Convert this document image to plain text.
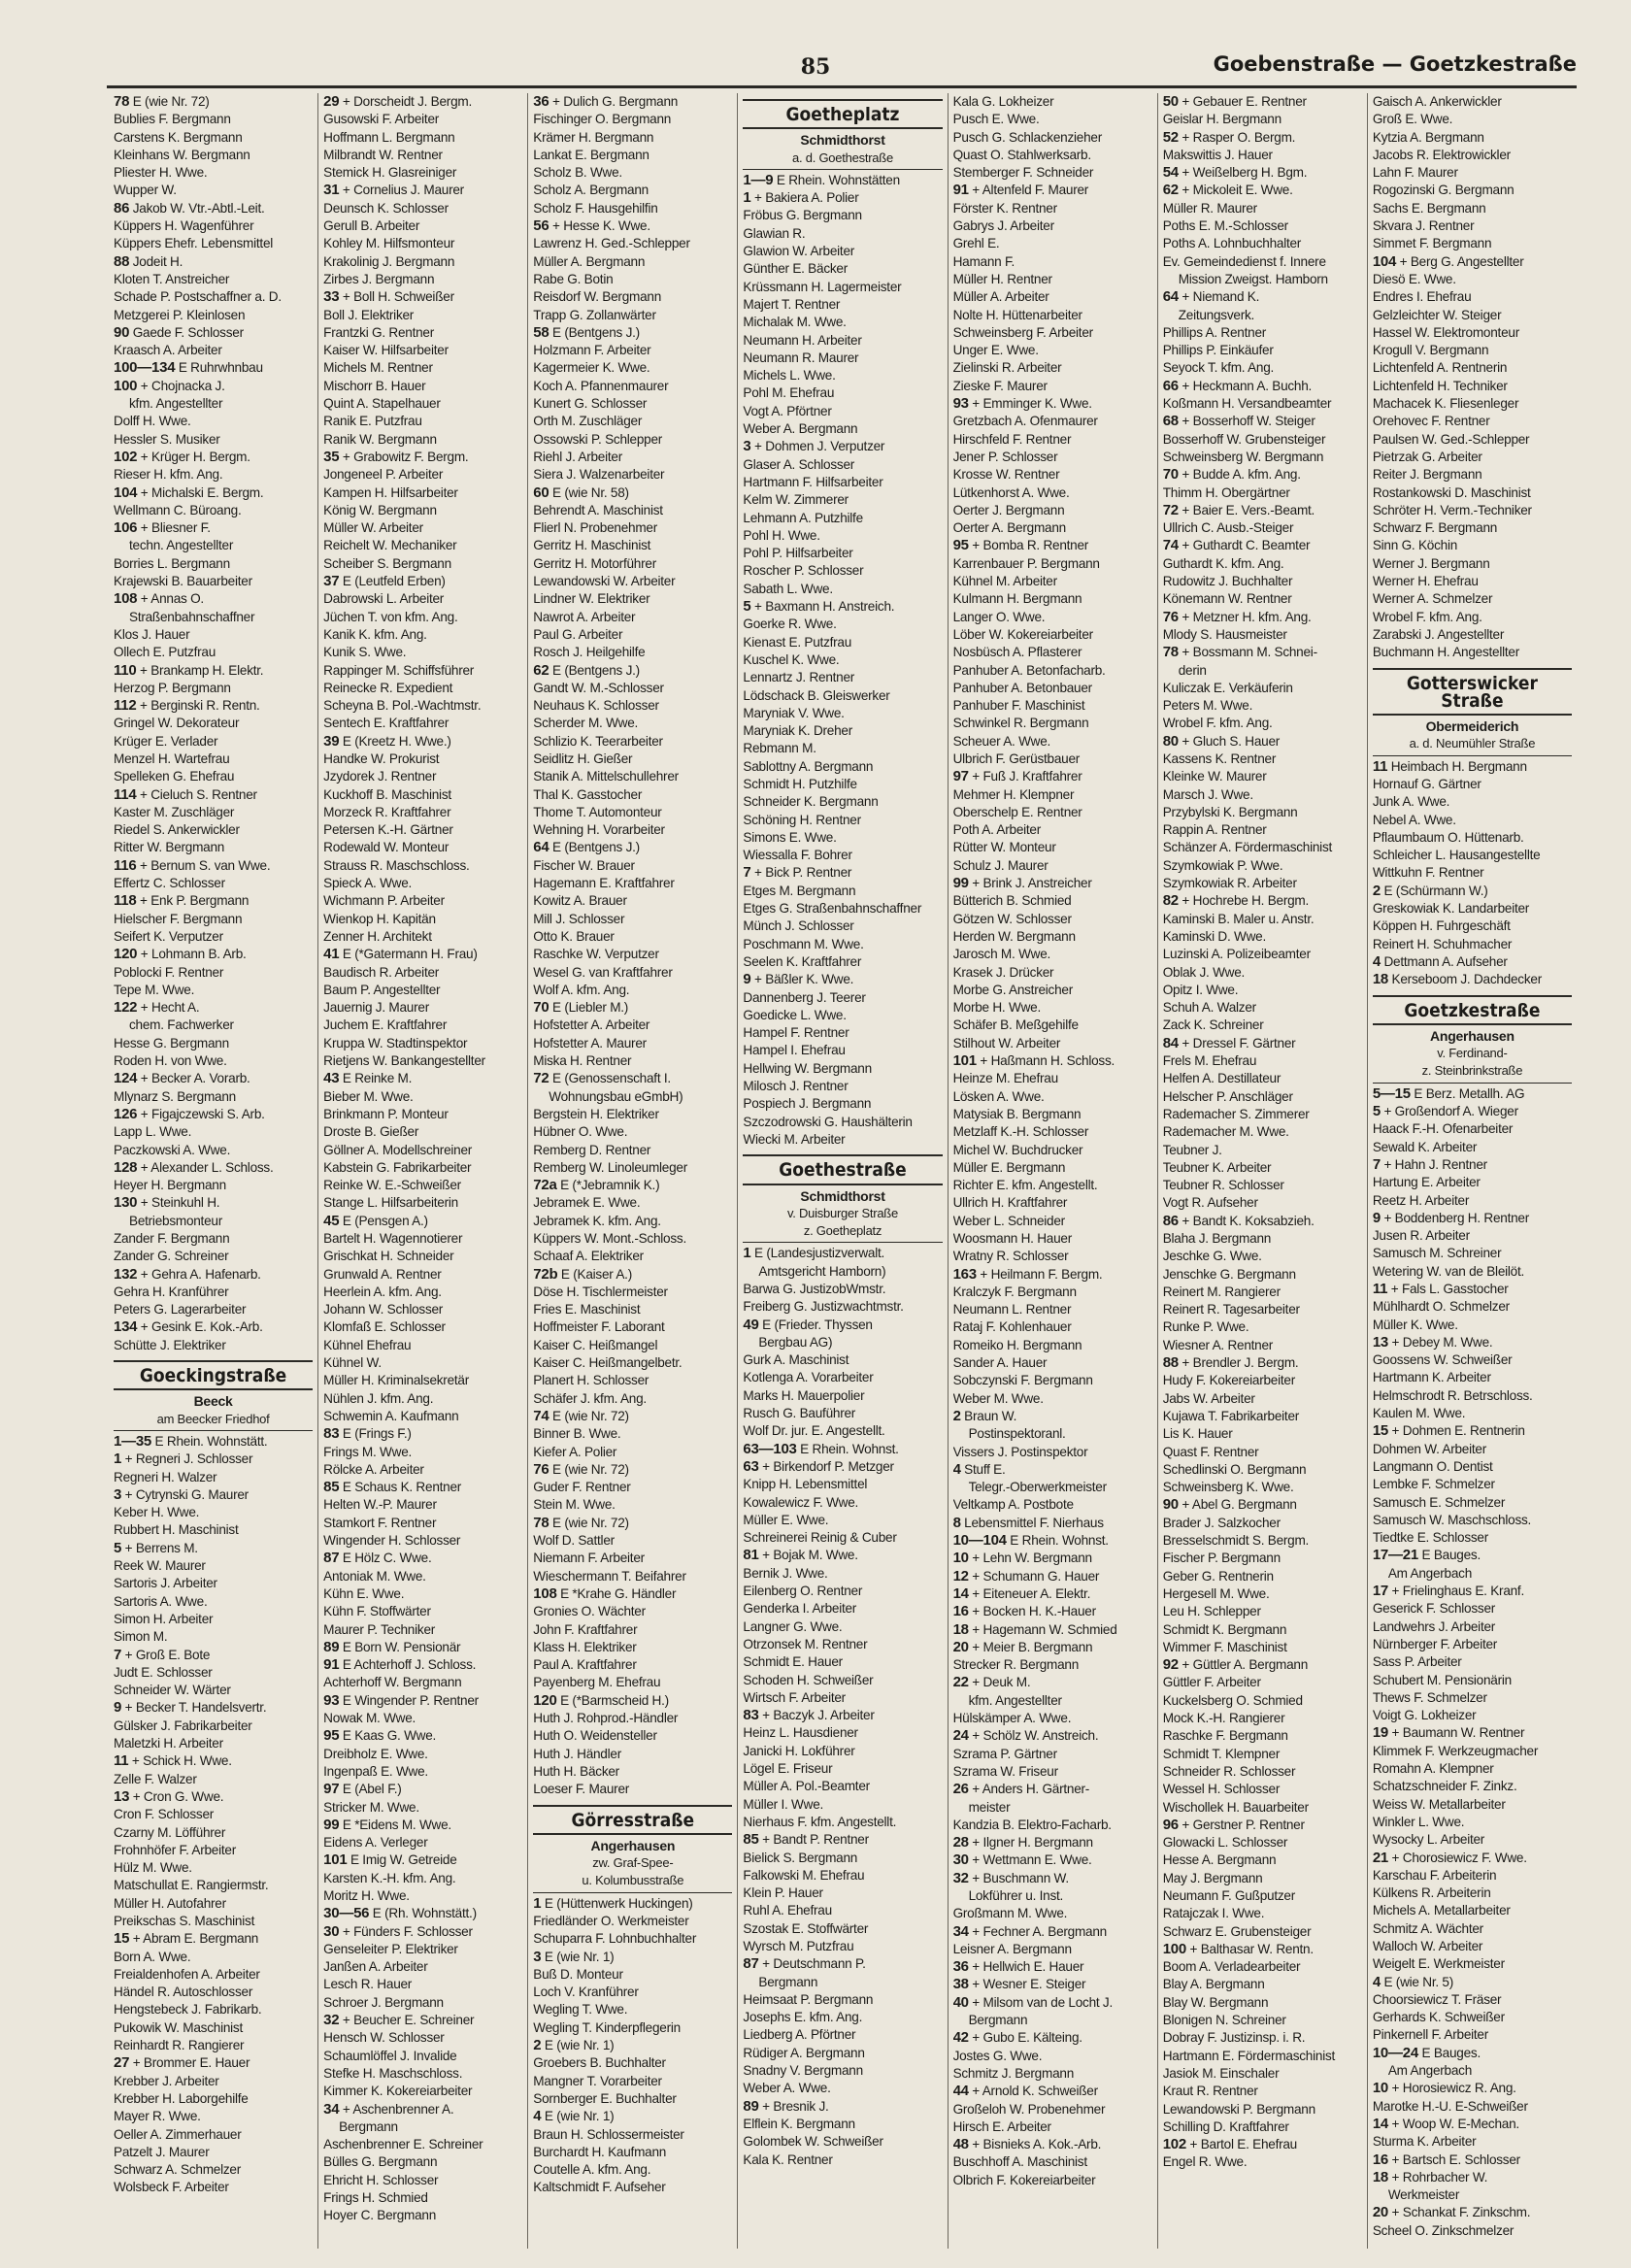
85	Goebenstraße — Goetzkestraße
78 E (wie Nr. 72)
Bublies F. Bergmann
Carstens K. Bergmann
Kleinhans W. Bergmann
Pliester H. Wwe.
Wupper W.
86 Jakob W. Vtr.-Abtl.-Leit.
Küppers H. Wagenführer
Küppers Ehefr. Lebensmittel
88 Jodeit H.
Kloten T. Anstreicher
Schade P. Postschaffner a. D.
Metzgerei P. Kleinlosen
90 Gaede F. Schlosser
Kraasch A. Arbeiter
100—134 E Ruhrwhnbau
100 + Chojnacka J.
kfm. Angestellter
Dolff H. Wwe.
Hessler S. Musiker
102 + Krüger H. Bergm.
Rieser H. kfm. Ang.
104 + Michalski E. Bergm.
Wellmann C. Büroang.
106 + Bliesner F.
techn. Angestellter
Borries L. Bergmann
Krajewski B. Bauarbeiter
108 + Annas O.
Straßenbahnschaffner
Klos J. Hauer
Ollech E. Putzfrau
110 + Brankamp H. Elektr.
Herzog P. Bergmann
112 + Berginski R. Rentn.
Gringel W. Dekorateur
Krüger E. Verlader
Menzel H. Wartefrau
Spelleken G. Ehefrau
114 + Cieluch S. Rentner
Kaster M. Zuschläger
Riedel S. Ankerwickler
Ritter W. Bergmann
116 + Bernum S. van Wwe.
Effertz C. Schlosser
118 + Enk P. Bergmann
Hielscher F. Bergmann
Seifert K. Verputzer
120 + Lohmann B. Arb.
Poblocki F. Rentner
Tepe M. Wwe.
122 + Hecht A.
chem. Fachwerker
Hesse G. Bergmann
Roden H. von Wwe.
124 + Becker A. Vorarb.
Mlynarz S. Bergmann
126 + Figajczewski S. Arb.
Lapp L. Wwe.
Paczkowski A. Wwe.
128 + Alexander L. Schloss.
Heyer H. Bergmann
130 + Steinkuhl H.
Betriebsmonteur
Zander F. Bergmann
Zander G. Schreiner
132 + Gehra A. Hafenarb.
Gehra H. Kranführer
Peters G. Lagerarbeiter
134 + Gesink E. Kok.-Arb.
Schütte J. Elektriker
Goeckingstraße
Beeck
am Beecker Friedhof
1—35 E Rhein. Wohnstätt.
1 + Regneri J. Schlosser
Regneri H. Walzer
3 + Cytrynski G. Maurer
Keber H. Wwe.
Rubbert H. Maschinist
5 + Berrens M.
Reek W. Maurer
Sartoris J. Arbeiter
Sartoris A. Wwe.
Simon H. Arbeiter
Simon M.
7 + Groß E. Bote
Judt E. Schlosser
Schneider W. Wärter
9 + Becker T. Handelsvertr.
Gülsker J. Fabrikarbeiter
Maletzki H. Arbeiter
11 + Schick H. Wwe.
Zelle F. Walzer
13 + Cron G. Wwe.
Cron F. Schlosser
Czarny M. Löfführer
Frohnhöfer F. Arbeiter
Hülz M. Wwe.
Matschullat E. Rangiermstr.
Müller H. Autofahrer
Preikschas S. Maschinist
15 + Abram E. Bergmann
Born A. Wwe.
Freialdenhofen A. Arbeiter
Händel R. Autoschlosser
Hengstebeck J. Fabrikarb.
Pukowik W. Maschinist
Reinhardt R. Rangierer
27 + Brommer E. Hauer
Krebber J. Arbeiter
Krebber H. Laborgehilfe
Mayer R. Wwe.
Oeller A. Zimmerhauer
Patzelt J. Maurer
Schwarz A. Schmelzer
Wolsbeck F. Arbeiter
29 + Dorscheidt J. Bergm.
Gusowski F. Arbeiter
Hoffmann L. Bergmann
Milbrandt W. Rentner
Stemick H. Glasreiniger
31 + Cornelius J. Maurer
Deunsch K. Schlosser
Gerull B. Arbeiter
Kohley M. Hilfsmonteur
Krakolinig J. Bergmann
Zirbes J. Bergmann
33 + Boll H. Schweißer
Boll J. Elektriker
Frantzki G. Rentner
Kaiser W. Hilfsarbeiter
Michels M. Rentner
Mischorr B. Hauer
Quint A. Stapelhauer
Ranik E. Putzfrau
Ranik W. Bergmann
35 + Grabowitz F. Bergm.
Jongeneel P. Arbeiter
Kampen H. Hilfsarbeiter
König W. Bergmann
Müller W. Arbeiter
Reichelt W. Mechaniker
Scheiber S. Bergmann
37 E (Leutfeld Erben)
Dabrowski L. Arbeiter
Jüchen T. von kfm. Ang.
Kanik K. kfm. Ang.
Kunik S. Wwe.
Rappinger M. Schiffsführer
Reinecke R. Expedient
Scheyna B. Pol.-Wachtmstr.
Sentech E. Kraftfahrer
39 E (Kreetz H. Wwe.)
Handke W. Prokurist
Jzydorek J. Rentner
Kuckhoff B. Maschinist
Morzeck R. Kraftfahrer
Petersen K.-H. Gärtner
Rodewald W. Monteur
Strauss R. Maschschloss.
Spieck A. Wwe.
Wichmann P. Arbeiter
Wienkop H. Kapitän
Zenner H. Architekt
41 E (*Gatermann H. Frau)
Baudisch R. Arbeiter
Baum P. Angestellter
Jauernig J. Maurer
Juchem E. Kraftfahrer
Kruppa W. Stadtinspektor
Rietjens W. Bankangestellter
43 E Reinke M.
Bieber M. Wwe.
Brinkmann P. Monteur
Droste B. Gießer
Göllner A. Modellschreiner
Kabstein G. Fabrikarbeiter
Reinke W. E.-Schweißer
Stange L. Hilfsarbeiterin
45 E (Pensgen A.)
Bartelt H. Wagennotierer
Grischkat H. Schneider
Grunwald A. Rentner
Heerlein A. kfm. Ang.
Johann W. Schlosser
Klomfaß E. Schlosser
Kühnel Ehefrau
Kühnel W.
Müller H. Kriminalsekretär
Nühlen J. kfm. Ang.
Schwemin A. Kaufmann
83 E (Frings F.)
Frings M. Wwe.
Rölcke A. Arbeiter
85 E Schaus K. Rentner
Helten W.-P. Maurer
Stamkort F. Rentner
Wingender H. Schlosser
87 E Hölz C. Wwe.
Antoniak M. Wwe.
Kühn E. Wwe.
Kühn F. Stoffwärter
Maurer P. Techniker
89 E Born W. Pensionär
91 E Achterhoff J. Schloss.
Achterhoff W. Bergmann
93 E Wingender P. Rentner
Nowak M. Wwe.
95 E Kaas G. Wwe.
Dreibholz E. Wwe.
Ingenpaß E. Wwe.
97 E (Abel F.)
Stricker M. Wwe.
99 E *Eidens M. Wwe.
Eidens A. Verleger
101 E Imig W. Getreide
Karsten K.-H. kfm. Ang.
Moritz H. Wwe.
30—56 E (Rh. Wohnstätt.)
30 + Fünders F. Schlosser
Genseleiter P. Elektriker
Janßen A. Arbeiter
Lesch R. Hauer
Schroer J. Bergmann
32 + Beucher E. Schreiner
Hensch W. Schlosser
Schaumlöffel J. Invalide
Stefke H. Maschschloss.
Kimmer K. Kokereiarbeiter
34 + Aschenbrenner A.
Bergmann
Aschenbrenner E. Schreiner
Bülles G. Bergmann
Ehricht H. Schlosser
Frings H. Schmied
Hoyer C. Bergmann
36 + Dulich G. Bergmann
Fischinger O. Bergmann
Krämer H. Bergmann
Lankat E. Bergmann
Scholz B. Wwe.
Scholz A. Bergmann
Scholz F. Hausgehilfin
56 + Hesse K. Wwe.
Lawrenz H. Ged.-Schlepper
Müller A. Bergmann
Rabe G. Botin
Reisdorf W. Bergmann
Trapp G. Zollanwärter
58 E (Bentgens J.)
Holzmann F. Arbeiter
Kagermeier K. Wwe.
Koch A. Pfannenmaurer
Kunert G. Schlosser
Orth M. Zuschläger
Ossowski P. Schlepper
Riehl J. Arbeiter
Siera J. Walzenarbeiter
60 E (wie Nr. 58)
Behrendt A. Maschinist
Flierl N. Probenehmer
Gerritz H. Maschinist
Gerritz H. Motorführer
Lewandowski W. Arbeiter
Lindner W. Elektriker
Nawrot A. Arbeiter
Paul G. Arbeiter
Rosch J. Heilgehilfe
62 E (Bentgens J.)
Gandt W. M.-Schlosser
Neuhaus K. Schlosser
Scherder M. Wwe.
Schlizio K. Teerarbeiter
Seidlitz H. Gießer
Stanik A. Mittelschullehrer
Thal K. Gasstocher
Thome T. Automonteur
Wehning H. Vorarbeiter
64 E (Bentgens J.)
Fischer W. Brauer
Hagemann E. Kraftfahrer
Kowitz A. Brauer
Mill J. Schlosser
Otto K. Brauer
Raschke W. Verputzer
Wesel G. van Kraftfahrer
Wolf A. kfm. Ang.
70 E (Liebler M.)
Hofstetter A. Arbeiter
Hofstetter A. Maurer
Miska H. Rentner
72 E (Genossenschaft I.
Wohnungsbau eGmbH)
Bergstein H. Elektriker
Hübner O. Wwe.
Remberg D. Rentner
Remberg W. Linoleumleger
72a E (*Jebramnik K.)
Jebramek E. Wwe.
Jebramek K. kfm. Ang.
Küppers W. Mont.-Schloss.
Schaaf A. Elektriker
72b E (Kaiser A.)
Döse H. Tischlermeister
Fries E. Maschinist
Hoffmeister F. Laborant
Kaiser C. Heißmangel
Kaiser C. Heißmangelbetr.
Planert H. Schlosser
Schäfer J. kfm. Ang.
74 E (wie Nr. 72)
Binner B. Wwe.
Kiefer A. Polier
76 E (wie Nr. 72)
Guder F. Rentner
Stein M. Wwe.
78 E (wie Nr. 72)
Wolf D. Sattler
Niemann F. Arbeiter
Wieschermann T. Beifahrer
108 E *Krahe G. Händler
Gronies O. Wächter
John F. Kraftfahrer
Klass H. Elektriker
Paul A. Kraftfahrer
Payenberg M. Ehefrau
120 E (*Barmscheid H.)
Huth J. Rohprod.-Händler
Huth O. Weidensteller
Huth J. Händler
Huth H. Bäcker
Loeser F. Maurer
Görresstraße
Angerhausen
zw. Graf-Spee-
u. Kolumbusstraße
1 E (Hüttenwerk Huckingen)
Friedländer O. Werkmeister
Schuparra F. Lohnbuchhalter
3 E (wie Nr. 1)
Buß D. Monteur
Loch V. Kranführer
Wegling T. Wwe.
Wegling T. Kinderpflegerin
2 E (wie Nr. 1)
Groebers B. Buchhalter
Mangner T. Vorarbeiter
Sornberger E. Buchhalter
4 E (wie Nr. 1)
Braun H. Schlossermeister
Burchardt H. Kaufmann
Coutelle A. kfm. Ang.
Kaltschmidt F. Aufseher
Goetheplatz
Schmidthorst
a. d. Goethestraße
1—9 E Rhein. Wohnstätten
1 + Bakiera A. Polier
Fröbus G. Bergmann
Glawian R.
Glawion W. Arbeiter
Günther E. Bäcker
Krüssmann H. Lagermeister
Majert T. Rentner
Michalak M. Wwe.
Neumann H. Arbeiter
Neumann R. Maurer
Michels L. Wwe.
Pohl M. Ehefrau
Vogt A. Pförtner
Weber A. Bergmann
3 + Dohmen J. Verputzer
Glaser A. Schlosser
Hartmann F. Hilfsarbeiter
Kelm W. Zimmerer
Lehmann A. Putzhilfe
Pohl H. Wwe.
Pohl P. Hilfsarbeiter
Roscher P. Schlosser
Sabath L. Wwe.
5 + Baxmann H. Anstreich.
Goerke R. Wwe.
Kienast E. Putzfrau
Kuschel K. Wwe.
Lennartz J. Rentner
Lödschack B. Gleiswerker
Maryniak V. Wwe.
Maryniak K. Dreher
Rebmann M.
Sablottny A. Bergmann
Schmidt H. Putzhilfe
Schneider K. Bergmann
Schöning H. Rentner
Simons E. Wwe.
Wiessalla F. Bohrer
7 + Bick P. Rentner
Etges M. Bergmann
Etges G. Straßenbahnschaffner
Münch J. Schlosser
Poschmann M. Wwe.
Seelen K. Kraftfahrer
9 + Bäßler K. Wwe.
Dannenberg J. Teerer
Goedicke L. Wwe.
Hampel F. Rentner
Hampel I. Ehefrau
Hellwing W. Bergmann
Milosch J. Rentner
Pospiech J. Bergmann
Szczodrowski G. Haushälterin
Wiecki M. Arbeiter
Goethestraße
Schmidthorst
v. Duisburger Straße
z. Goetheplatz
1 E (Landesjustizverwalt.
Amtsgericht Hamborn)
Barwa G. JustizobWmstr.
Freiberg G. Justizwachtmstr.
49 E (Frieder. Thyssen
Bergbau AG)
Gurk A. Maschinist
Kotlenga A. Vorarbeiter
Marks H. Mauerpolier
Rusch G. Bauführer
Wolf Dr. jur. E. Angestellt.
63—103 E Rhein. Wohnst.
63 + Birkendorf P. Metzger
Knipp H. Lebensmittel
Kowalewicz F. Wwe.
Müller E. Wwe.
Schreinerei Reinig & Cuber
81 + Bojak M. Wwe.
Bernik J. Wwe.
Eilenberg O. Rentner
Genderka I. Arbeiter
Langner G. Wwe.
Otrzonsek M. Rentner
Schmidt E. Hauer
Schoden H. Schweißer
Wirtsch F. Arbeiter
83 + Baczyk J. Arbeiter
Heinz L. Hausdiener
Janicki H. Lokführer
Lögel E. Friseur
Müller A. Pol.-Beamter
Müller I. Wwe.
Nierhaus F. kfm. Angestellt.
85 + Bandt P. Rentner
Bielick S. Bergmann
Falkowski M. Ehefrau
Klein P. Hauer
Ruhl A. Ehefrau
Szostak E. Stoffwärter
Wyrsch M. Putzfrau
87 + Deutschmann P.
Bergmann
Heimsaat P. Bergmann
Josephs E. kfm. Ang.
Liedberg A. Pförtner
Rüdiger A. Bergmann
Snadny V. Bergmann
Weber A. Wwe.
89 + Bresnik J.
Elflein K. Bergmann
Golombek W. Schweißer
Kala K. Rentner
Kala G. Lokheizer
Pusch E. Wwe.
Pusch G. Schlackenzieher
Quast O. Stahlwerksarb.
Stemberger F. Schneider
91 + Altenfeld F. Maurer
Förster K. Rentner
Gabrys J. Arbeiter
Grehl E.
Hamann F.
Müller H. Rentner
Müller A. Arbeiter
Nolte H. Hüttenarbeiter
Schweinsberg F. Arbeiter
Unger E. Wwe.
Zielinski R. Arbeiter
Zieske F. Maurer
93 + Emminger K. Wwe.
Gretzbach A. Ofenmaurer
Hirschfeld F. Rentner
Jener P. Schlosser
Krosse W. Rentner
Lütkenhorst A. Wwe.
Oerter J. Bergmann
Oerter A. Bergmann
95 + Bomba R. Rentner
Karrenbauer P. Bergmann
Kühnel M. Arbeiter
Kulmann H. Bergmann
Langer O. Wwe.
Löber W. Kokereiarbeiter
Nosbüsch A. Pflasterer
Panhuber A. Betonfacharb.
Panhuber A. Betonbauer
Panhuber F. Maschinist
Schwinkel R. Bergmann
Scheuer A. Wwe.
Ulbrich F. Gerüstbauer
97 + Fuß J. Kraftfahrer
Mehmer H. Klempner
Oberschelp E. Rentner
Poth A. Arbeiter
Rütter W. Monteur
Schulz J. Maurer
99 + Brink J. Anstreicher
Bütterich B. Schmied
Götzen W. Schlosser
Herden W. Bergmann
Jarosch M. Wwe.
Krasek J. Drücker
Morbe G. Anstreicher
Morbe H. Wwe.
Schäfer B. Meßgehilfe
Stilhout W. Arbeiter
101 + Haßmann H. Schloss.
Heinze M. Ehefrau
Lösken A. Wwe.
Matysiak B. Bergmann
Metzlaff K.-H. Schlosser
Michel W. Buchdrucker
Müller E. Bergmann
Richter E. kfm. Angestellt.
Ullrich H. Kraftfahrer
Weber L. Schneider
Woosmann H. Hauer
Wratny R. Schlosser
163 + Heilmann F. Bergm.
Kralczyk F. Bergmann
Neumann L. Rentner
Rataj F. Kohlenhauer
Romeiko H. Bergmann
Sander A. Hauer
Sobczynski F. Bergmann
Weber M. Wwe.
2 Braun W.
Postinspektoranl.
Vissers J. Postinspektor
4 Stuff E.
Telegr.-Oberwerkmeister
Veltkamp A. Postbote
8 Lebensmittel F. Nierhaus
10—104 E Rhein. Wohnst.
10 + Lehn W. Bergmann
12 + Schumann G. Hauer
14 + Eiteneuer A. Elektr.
16 + Bocken H. K.-Hauer
18 + Hagemann W. Schmied
20 + Meier B. Bergmann
Strecker R. Bergmann
22 + Deuk M.
kfm. Angestellter
Hülskämper A. Wwe.
24 + Schölz W. Anstreich.
Szrama P. Gärtner
Szrama W. Friseur
26 + Anders H. Gärtner-
meister
Kandzia B. Elektro-Facharb.
28 + Ilgner H. Bergmann
30 + Wettmann E. Wwe.
32 + Buschmann W.
Lokführer u. Inst.
Großmann M. Wwe.
34 + Fechner A. Bergmann
Leisner A. Bergmann
36 + Hellwich E. Hauer
38 + Wesner E. Steiger
40 + Milsom van de Locht J.
Bergmann
42 + Gubo E. Kälteing.
Jostes G. Wwe.
Schmitz J. Bergmann
44 + Arnold K. Schweißer
Großeloh W. Probenehmer
Hirsch E. Arbeiter
48 + Bisnieks A. Kok.-Arb.
Buschhoff A. Maschinist
Olbrich F. Kokereiarbeiter
50 + Gebauer E. Rentner
Geislar H. Bergmann
52 + Rasper O. Bergm.
Makswittis J. Hauer
54 + Weißelberg H. Bgm.
62 + Mickoleit E. Wwe.
Müller R. Maurer
Poths E. M.-Schlosser
Poths A. Lohnbuchhalter
Ev. Gemeindedienst f. Innere
Mission Zweigst. Hamborn
64 + Niemand K.
Zeitungsverk.
Phillips A. Rentner
Phillips P. Einkäufer
Seyock T. kfm. Ang.
66 + Heckmann A. Buchh.
Koßmann H. Versandbeamter
68 + Bosserhoff W. Steiger
Bosserhoff W. Grubensteiger
Schweinsberg W. Bergmann
70 + Budde A. kfm. Ang.
Thimm H. Obergärtner
72 + Baier E. Vers.-Beamt.
Ullrich C. Ausb.-Steiger
74 + Guthardt C. Beamter
Guthardt K. kfm. Ang.
Rudowitz J. Buchhalter
Könemann W. Rentner
76 + Metzner H. kfm. Ang.
Mlody S. Hausmeister
78 + Bossmann M. Schnei-
derin
Kuliczak E. Verkäuferin
Peters M. Wwe.
Wrobel F. kfm. Ang.
80 + Gluch S. Hauer
Kassens K. Rentner
Kleinke W. Maurer
Marsch J. Wwe.
Przybylski K. Bergmann
Rappin A. Rentner
Schänzer A. Fördermaschinist
Szymkowiak P. Wwe.
Szymkowiak R. Arbeiter
82 + Hochrebe H. Bergm.
Kaminski B. Maler u. Anstr.
Kaminski D. Wwe.
Luzinski A. Polizeibeamter
Oblak J. Wwe.
Opitz I. Wwe.
Schuh A. Walzer
Zack K. Schreiner
84 + Dressel F. Gärtner
Frels M. Ehefrau
Helfen A. Destillateur
Helscher P. Anschläger
Rademacher S. Zimmerer
Rademacher M. Wwe.
Teubner J.
Teubner K. Arbeiter
Teubner R. Schlosser
Vogt R. Aufseher
86 + Bandt K. Koksabzieh.
Blaha J. Bergmann
Jeschke G. Wwe.
Jenschke G. Bergmann
Reinert M. Rangierer
Reinert R. Tagesarbeiter
Runke P. Wwe.
Wiesner A. Rentner
88 + Brendler J. Bergm.
Hudy F. Kokereiarbeiter
Jabs W. Arbeiter
Kujawa T. Fabrikarbeiter
Lis K. Hauer
Quast F. Rentner
Schedlinski O. Bergmann
Schweinsberg K. Wwe.
90 + Abel G. Bergmann
Brader J. Salzkocher
Bresselschmidt S. Bergm.
Fischer P. Bergmann
Geber G. Rentnerin
Hergesell M. Wwe.
Leu H. Schlepper
Schmidt K. Bergmann
Wimmer F. Maschinist
92 + Güttler A. Bergmann
Güttler F. Arbeiter
Kuckelsberg O. Schmied
Mock K.-H. Rangierer
Raschke F. Bergmann
Schmidt T. Klempner
Schneider R. Schlosser
Wessel H. Schlosser
Wischollek H. Bauarbeiter
96 + Gerstner P. Rentner
Glowacki L. Schlosser
Hesse A. Bergmann
May J. Bergmann
Neumann F. Gußputzer
Ratajczak I. Wwe.
Schwarz E. Grubensteiger
100 + Balthasar W. Rentn.
Boom A. Verladearbeiter
Blay A. Bergmann
Blay W. Bergmann
Blonigen N. Schreiner
Dobray F. Justizinsp. i. R.
Hartmann E. Fördermaschinist
Jasiok M. Einschaler
Kraut R. Rentner
Lewandowski P. Bergmann
Schilling D. Kraftfahrer
102 + Bartol E. Ehefrau
Engel R. Wwe.
Gaisch A. Ankerwickler
Groß E. Wwe.
Kytzia A. Bergmann
Jacobs R. Elektrowickler
Lahn F. Maurer
Rogozinski G. Bergmann
Sachs E. Bergmann
Skvara J. Rentner
Simmet F. Bergmann
104 + Berg G. Angestellter
Diesö E. Wwe.
Endres I. Ehefrau
Gelzleichter W. Steiger
Hassel W. Elektromonteur
Krogull V. Bergmann
Lichtenfeld A. Rentnerin
Lichtenfeld H. Techniker
Machacek K. Fliesenleger
Orehovec F. Rentner
Paulsen W. Ged.-Schlepper
Pietrzak G. Arbeiter
Reiter J. Bergmann
Rostankowski D. Maschinist
Schröter H. Verm.-Techniker
Schwarz F. Bergmann
Sinn G. Köchin
Werner J. Bergmann
Werner H. Ehefrau
Werner A. Schmelzer
Wrobel F. kfm. Ang.
Zarabski J. Angestellter
Buchmann H. Angestellter
Gotterswicker Straße
Obermeiderich
a. d. Neumühler Straße
11 Heimbach H. Bergmann
Hornauf G. Gärtner
Junk A. Wwe.
Nebel A. Wwe.
Pflaumbaum O. Hüttenarb.
Schleicher L. Hausangestellte
Wittkuhn F. Rentner
2 E (Schürmann W.)
Greskowiak K. Landarbeiter
Köppen H. Fuhrgeschäft
Reinert H. Schuhmacher
4 Dettmann A. Aufseher
18 Kerseboom J. Dachdecker
Goetzkestraße
Angerhausen
v. Ferdinand-
z. Steinbrinkstraße
5—15 E Berz. Metallh. AG
5 + Großendorf A. Wieger
Haack F.-H. Ofenarbeiter
Sewald K. Arbeiter
7 + Hahn J. Rentner
Hartung E. Arbeiter
Reetz H. Arbeiter
9 + Boddenberg H. Rentner
Jusen R. Arbeiter
Samusch M. Schreiner
Wetering W. van de Bleilöt.
11 + Fals L. Gasstocher
Mühlhardt O. Schmelzer
Müller K. Wwe.
13 + Debey M. Wwe.
Goossens W. Schweißer
Hartmann K. Arbeiter
Helmschrodt R. Betrschloss.
Kaulen M. Wwe.
15 + Dohmen E. Rentnerin
Dohmen W. Arbeiter
Langmann O. Dentist
Lembke F. Schmelzer
Samusch E. Schmelzer
Samusch W. Maschschloss.
Tiedtke E. Schlosser
17—21 E Bauges.
Am Angerbach
17 + Frielinghaus E. Kranf.
Geserick F. Schlosser
Landwehrs J. Arbeiter
Nürnberger F. Arbeiter
Sass P. Arbeiter
Schubert M. Pensionärin
Thews F. Schmelzer
Voigt G. Lokheizer
19 + Baumann W. Rentner
Klimmek F. Werkzeugmacher
Romahn A. Klempner
Schatzschneider F. Zinkz.
Weiss W. Metallarbeiter
Winkler L. Wwe.
Wysocky L. Arbeiter
21 + Chorosiewicz F. Wwe.
Karschau F. Arbeiterin
Külkens R. Arbeiterin
Michels A. Metallarbeiter
Schmitz A. Wächter
Walloch W. Arbeiter
Weigelt E. Werkmeister
4 E (wie Nr. 5)
Choorsiewicz T. Fräser
Gerhards K. Schweißer
Pinkernell F. Arbeiter
10—24 E Bauges.
Am Angerbach
10 + Horosiewicz R. Ang.
Marotke H.-U. E-Schweißer
14 + Woop W. E-Mechan.
Sturma K. Arbeiter
16 + Bartsch E. Schlosser
18 + Rohrbacher W.
Werkmeister
20 + Schankat F. Zinkschm.
Scheel O. Zinkschmelzer
